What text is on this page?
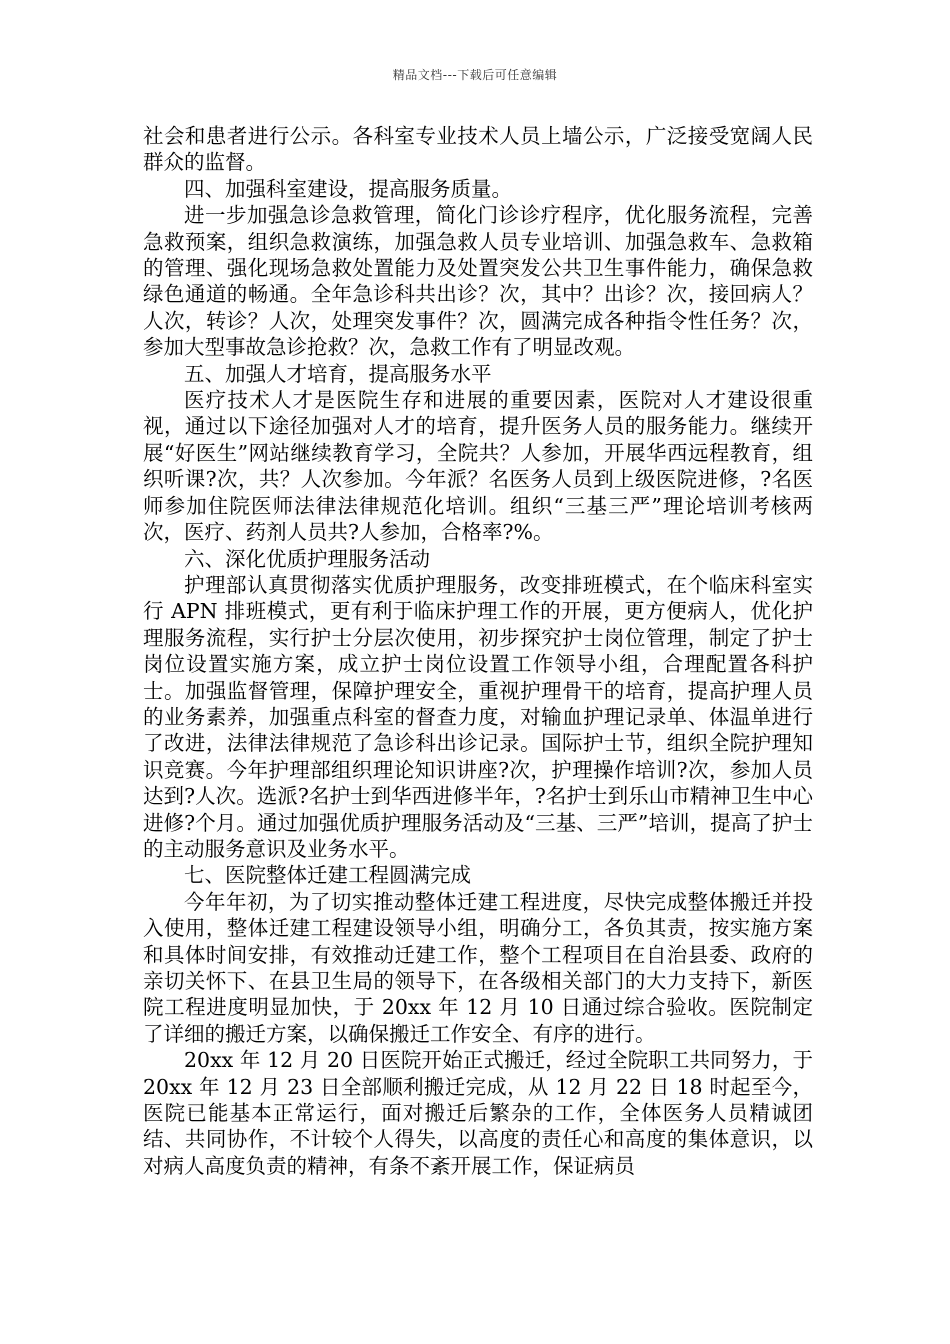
精品文档---下载后可任意编辑

社会和患者进行公示。各科室专业技术人员上墙公示，广泛接受宽阔人民群众的监督。

四、加强科室建设，提高服务质量。

进一步加强急诊急救管理，简化门诊诊疗程序，优化服务流程，完善急救预案，组织急救演练，加强急救人员专业培训、加强急救车、急救箱的管理、强化现场急救处置能力及处置突发公共卫生事件能力，确保急救绿色通道的畅通。全年急诊科共出诊？次，其中？出诊？次，接回病人？人次，转诊？人次，处理突发事件？次，圆满完成各种指令性任务？次，参加大型事故急诊抢救？次，急救工作有了明显改观。

五、加强人才培育，提高服务水平

医疗技术人才是医院生存和进展的重要因素，医院对人才建设很重视，通过以下途径加强对人才的培育，提升医务人员的服务能力。继续开展“好医生”网站继续教育学习，全院共？人参加，开展华西远程教育，组织听课?次，共？人次参加。今年派？名医务人员到上级医院进修，?名医师参加住院医师法律法律规范化培训。组织“三基三严”理论培训考核两次，医疗、药剂人员共?人参加，合格率?%。

六、深化优质护理服务活动

护理部认真贯彻落实优质护理服务，改变排班模式，在个临床科室实行 APN 排班模式，更有利于临床护理工作的开展，更方便病人，优化护理服务流程，实行护士分层次使用，初步探究护士岗位管理，制定了护士岗位设置实施方案，成立护士岗位设置工作领导小组，合理配置各科护士。加强监督管理，保障护理安全，重视护理骨干的培育，提高护理人员的业务素养，加强重点科室的督查力度，对输血护理记录单、体温单进行了改进，法律法律规范了急诊科出诊记录。国际护士节，组织全院护理知识竞赛。今年护理部组织理论知识讲座?次，护理操作培训?次，参加人员达到?人次。选派?名护士到华西进修半年，?名护士到乐山市精神卫生中心进修?个月。通过加强优质护理服务活动及“三基、三严”培训，提高了护士的主动服务意识及业务水平。

七、医院整体迁建工程圆满完成

今年年初，为了切实推动整体迁建工程进度，尽快完成整体搬迁并投入使用，整体迁建工程建设领导小组，明确分工，各负其责，按实施方案和具体时间安排，有效推动迁建工作，整个工程项目在自治县委、政府的亲切关怀下、在县卫生局的领导下，在各级相关部门的大力支持下，新医院工程进度明显加快，于 20xx 年 12 月 10 日通过综合验收。医院制定了详细的搬迁方案，以确保搬迁工作安全、有序的进行。

20xx 年 12 月 20 日医院开始正式搬迁，经过全院职工共同努力，于 20xx 年 12 月 23 日全部顺利搬迁完成，从 12 月 22 日 18 时起至今，医院已能基本正常运行，面对搬迁后繁杂的工作，全体医务人员精诚团结、共同协作，不计较个人得失，以高度的责任心和高度的集体意识，以对病人高度负责的精神，有条不紊开展工作，保证病员
